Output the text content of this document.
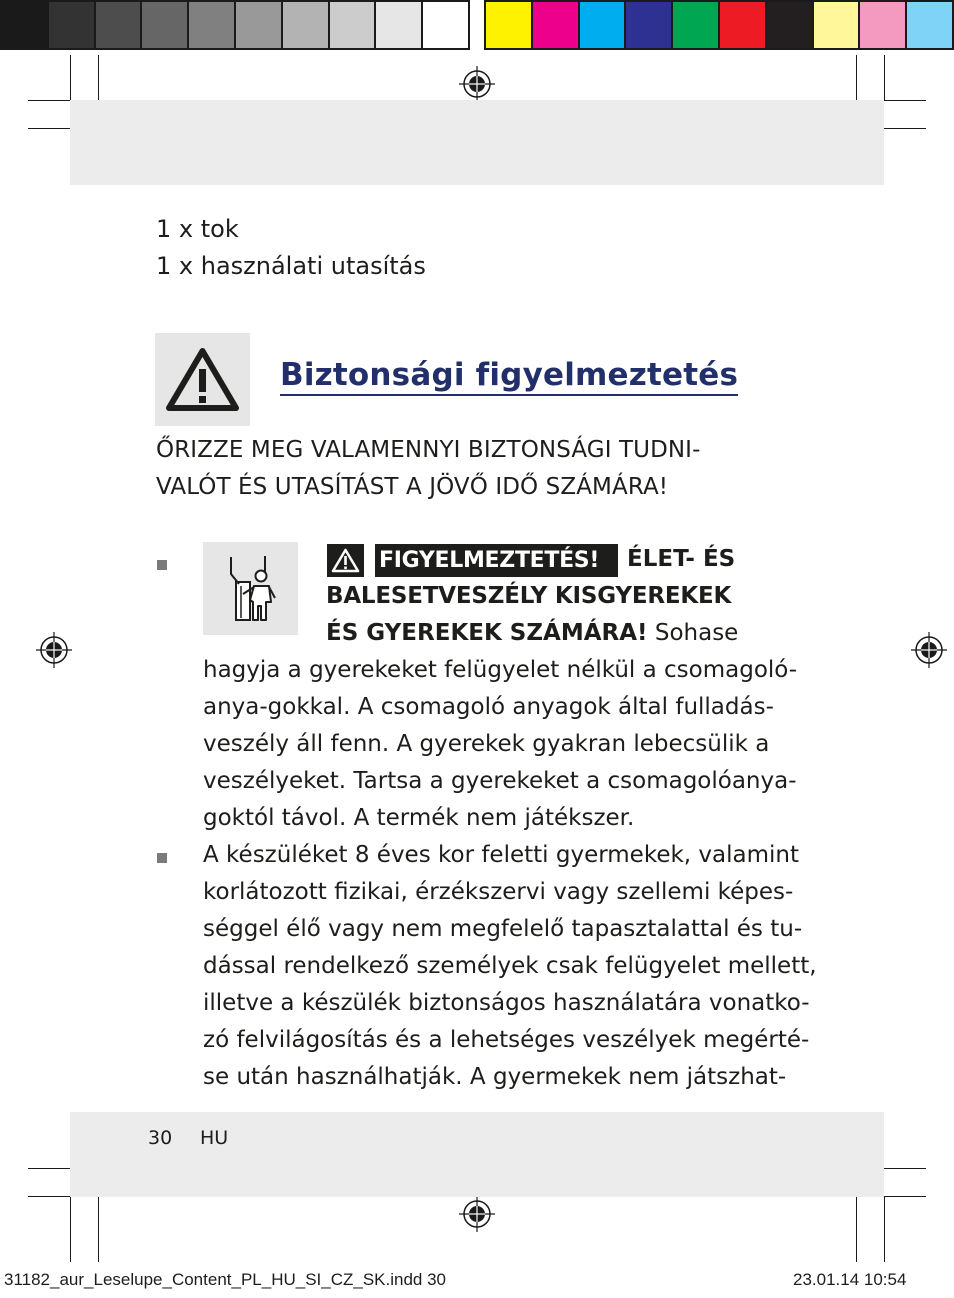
1 x tok
1 x használati utasítás
Biztonsági figyelmeztetés
ŐRIZZE MEG VALAMENNYI BIZTONSÁGI TUDNI-
VALÓT ÉS UTASÍTÁST A JÖVŐ IDŐ SZÁMÁRA!
FIGYELMEZTETÉS!	ÉLET- ÉS
BALESETVESZÉLY KISGYEREKEK
ÉS GYEREKEK SZÁMÁRA! Sohase
hagyja a gyerekeket felügyelet nélkül a csomagoló-
anya-gokkal. A csomagoló anyagok által fulladás-
veszély áll fenn. A gyerekek gyakran lebecsülik a
veszélyeket. Tartsa a gyerekeket a csomagolóanya-
goktól távol. A termék nem játékszer.
A készüléket 8 éves kor feletti gyermekek, valamint
korlátozott fizikai, érzékszervi vagy szellemi képes-
séggel élő vagy nem megfelelő tapasztalattal és tu-
dással rendelkező személyek csak felügyelet mellett,
illetve a készülék biztonságos használatára vonatko-
zó felvilágosítás és a lehetséges veszélyek megérté-
se után használhatják. A gyermekek nem játszhat-
30 HU
31182_aur_Leselupe_Content_PL_HU_SI_CZ_SK.indd 30	23.01.14 10:54
